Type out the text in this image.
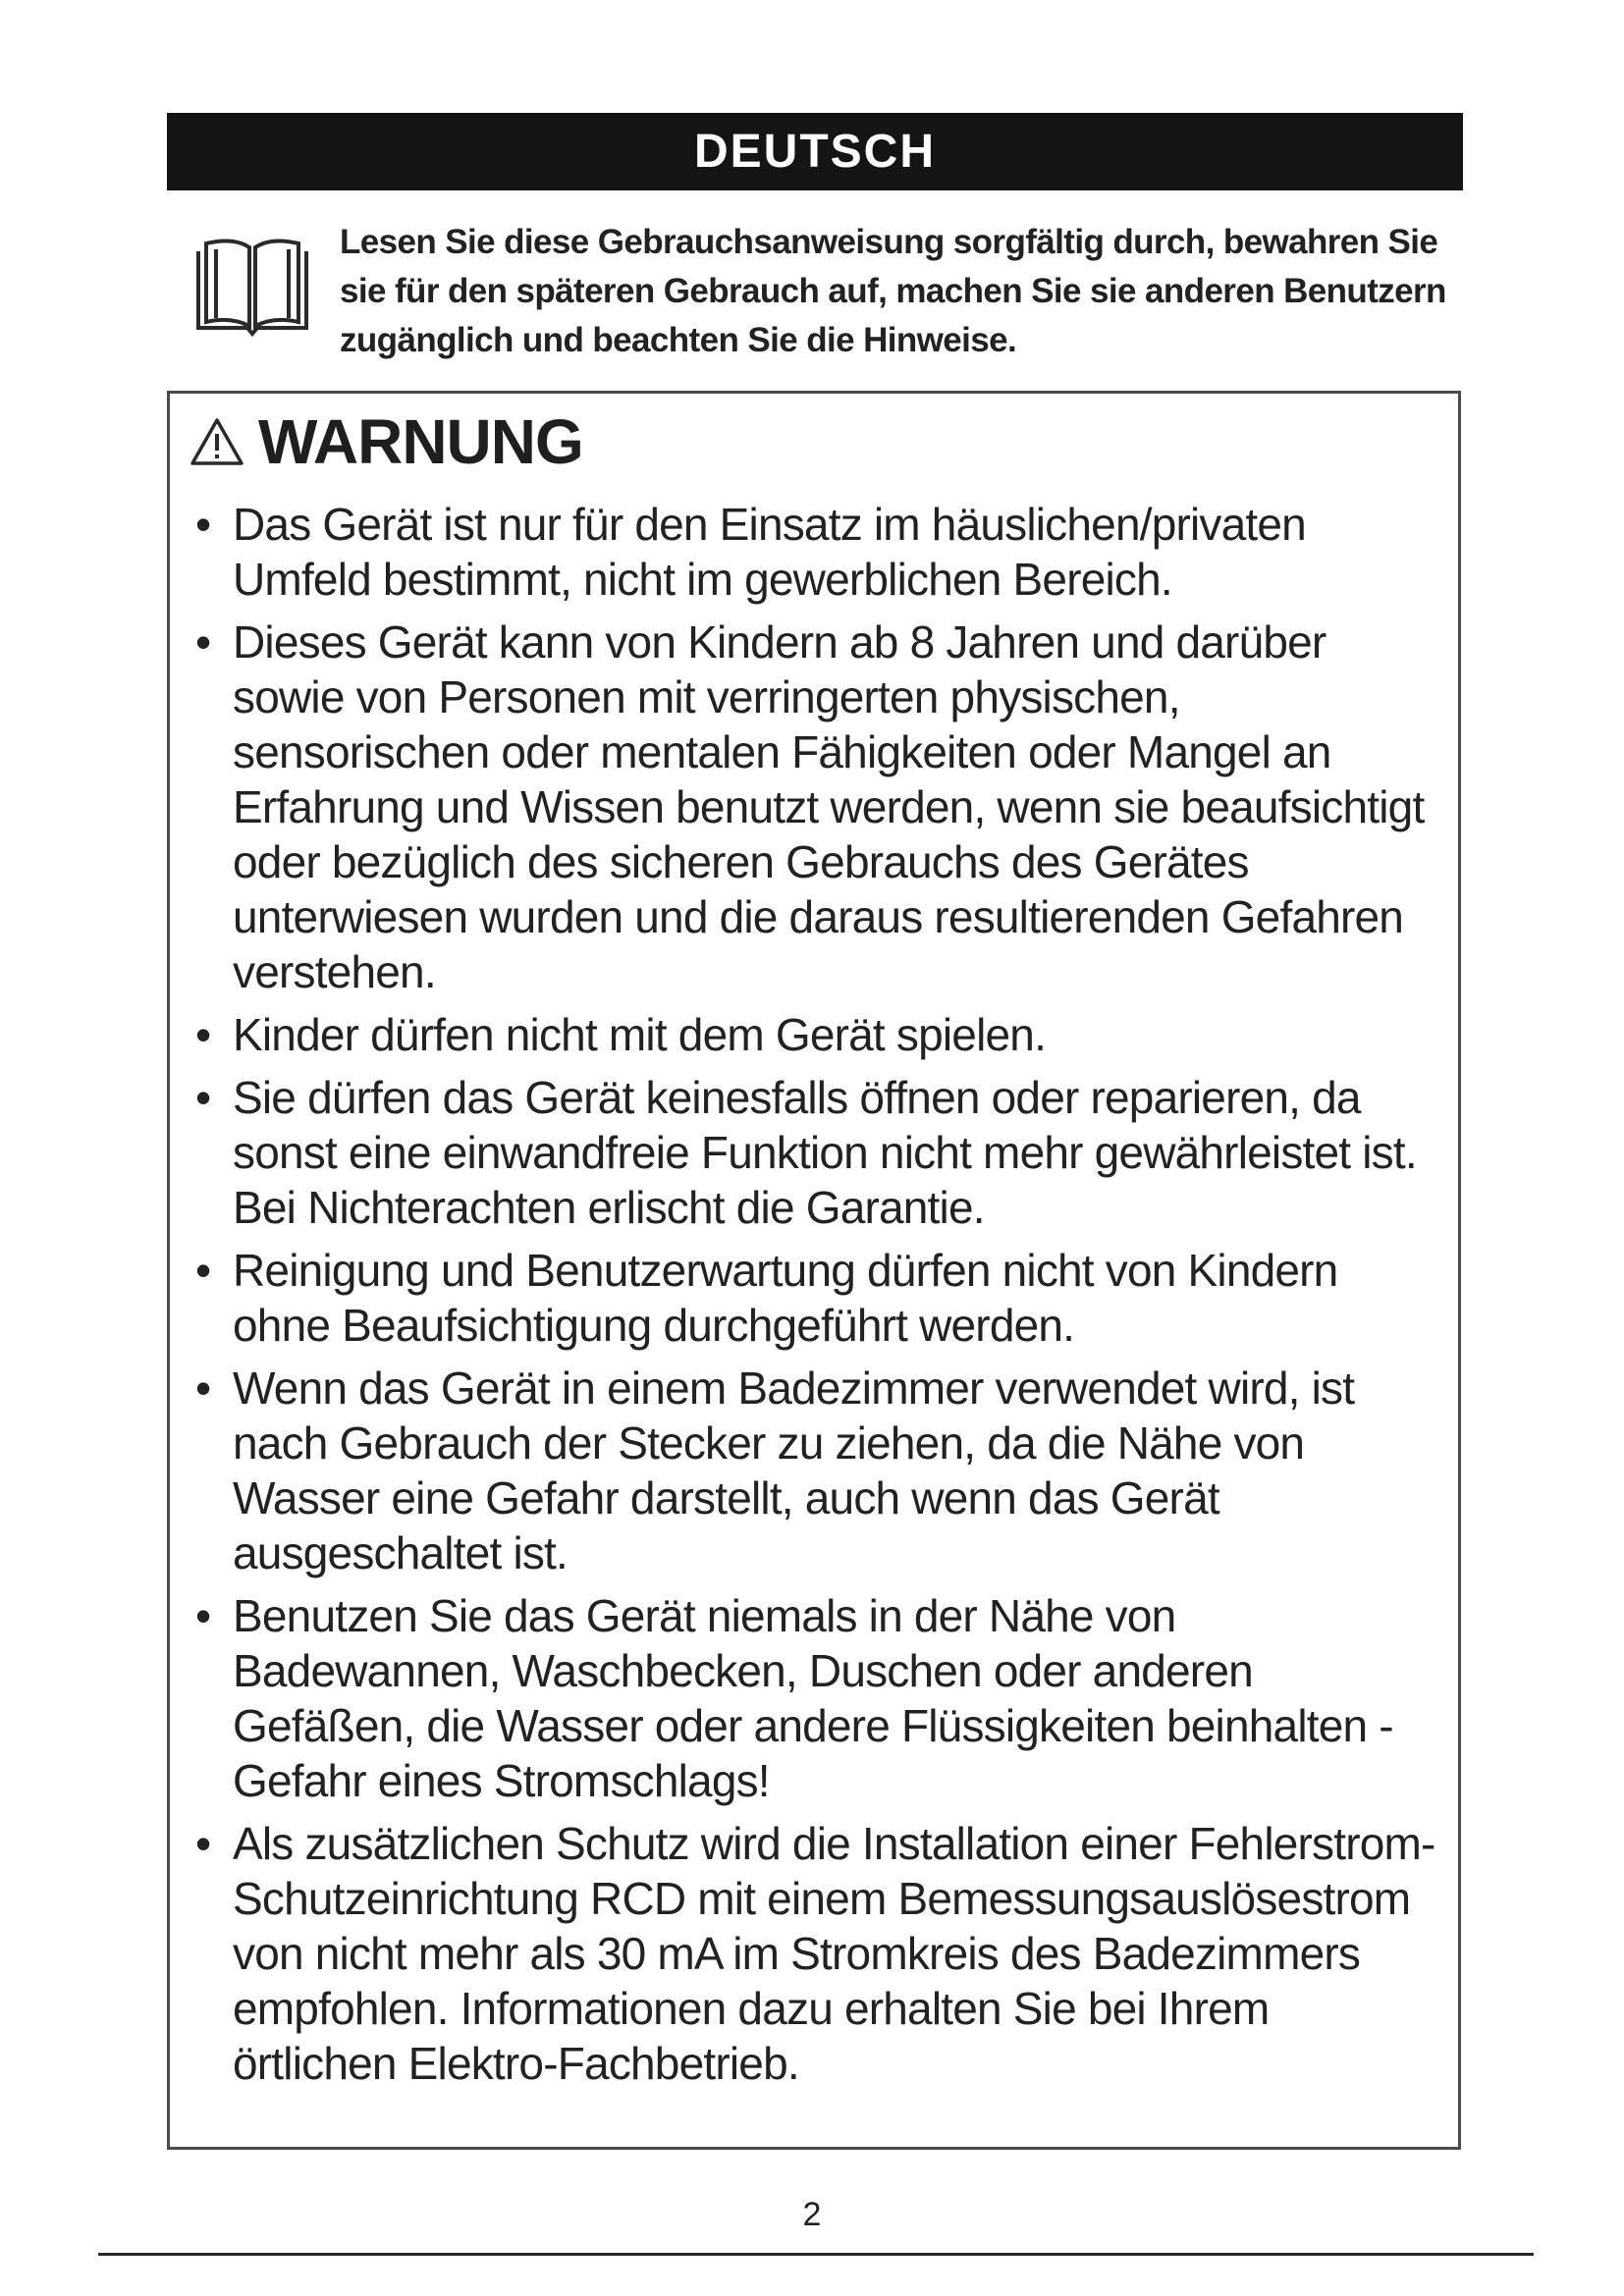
DEUTSCH
Lesen Sie diese Gebrauchsanweisung sorgfältig durch, bewahren Sie sie für den späteren Gebrauch auf, machen Sie sie anderen Benutzern zugänglich und beachten Sie die Hinweise.
WARNUNG
• Das Gerät ist nur für den Einsatz im häuslichen/privaten Umfeld bestimmt, nicht im gewerblichen Bereich.
• Dieses Gerät kann von Kindern ab 8 Jahren und darüber sowie von Personen mit verringerten physischen, sensorischen oder mentalen Fähigkeiten oder Mangel an Erfahrung und Wissen benutzt werden, wenn sie beaufsichtigt oder bezüglich des sicheren Gebrauchs des Gerätes unterwiesen wurden und die daraus resultierenden Gefahren verstehen.
• Kinder dürfen nicht mit dem Gerät spielen.
• Sie dürfen das Gerät keinesfalls öffnen oder reparieren, da sonst eine einwandfreie Funktion nicht mehr gewährleistet ist. Bei Nichterachten erlischt die Garantie.
• Reinigung und Benutzerwartung dürfen nicht von Kindern ohne Beaufsichtigung durchgeführt werden.
• Wenn das Gerät in einem Badezimmer verwendet wird, ist nach Gebrauch der Stecker zu ziehen, da die Nähe von Wasser eine Gefahr darstellt, auch wenn das Gerät ausgeschaltet ist.
• Benutzen Sie das Gerät niemals in der Nähe von Badewannen, Waschbecken, Duschen oder anderen Gefäßen, die Wasser oder andere Flüssigkeiten beinhalten - Gefahr eines Stromschlags!
• Als zusätzlichen Schutz wird die Installation einer Fehlerstrom-Schutzeinrichtung RCD mit einem Bemessungsauslösestrom von nicht mehr als 30 mA im Stromkreis des Badezimmers empfohlen. Informationen dazu erhalten Sie bei Ihrem örtlichen Elektro-Fachbetrieb.
2
